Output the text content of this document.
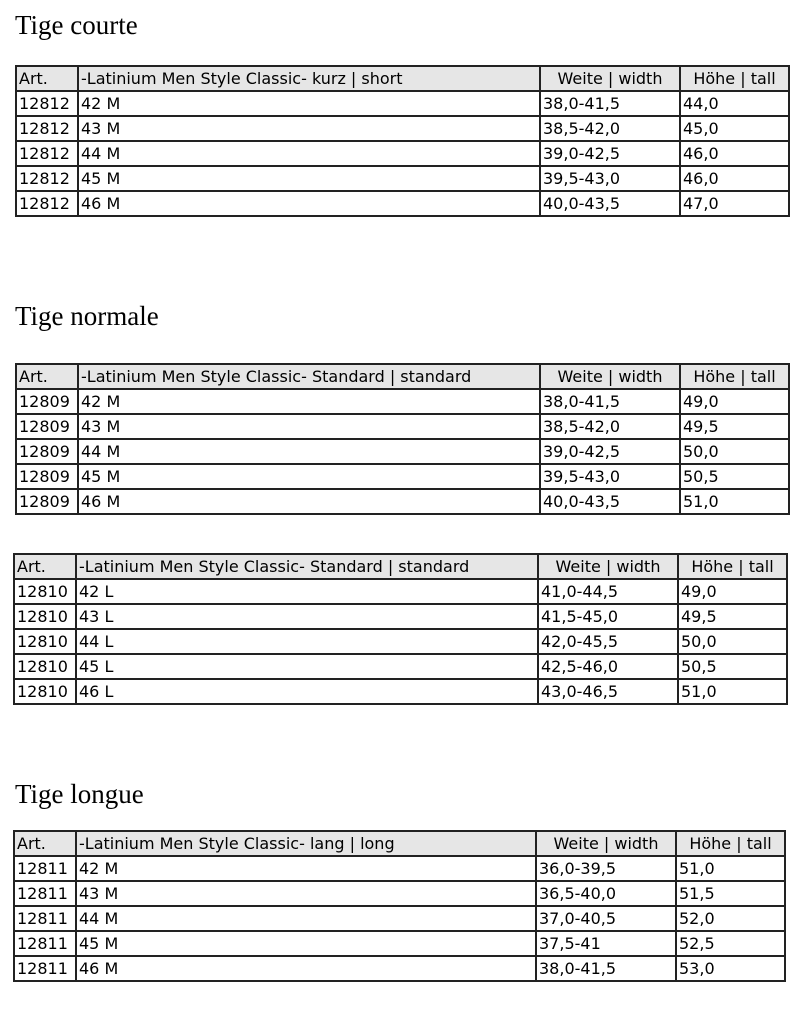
Tige courte
Art.	-Latinium Men Style Classic- kurz | short	Weite | width	Höhe | tall
12812	42 M	38,0-41,5	44,0
12812	43 M	38,5-42,0	45,0
12812	44 M	39,0-42,5	46,0
12812	45 M	39,5-43,0	46,0
12812	46 M	40,0-43,5	47,0
Tige normale
Art.	-Latinium Men Style Classic- Standard | standard	Weite | width	Höhe | tall
12809	42 M	38,0-41,5	49,0
12809	43 M	38,5-42,0	49,5
12809	44 M	39,0-42,5	50,0
12809	45 M	39,5-43,0	50,5
12809	46 M	40,0-43,5	51,0
Art.	-Latinium Men Style Classic- Standard | standard	Weite | width	Höhe | tall
12810	42 L	41,0-44,5	49,0
12810	43 L	41,5-45,0	49,5
12810	44 L	42,0-45,5	50,0
12810	45 L	42,5-46,0	50,5
12810	46 L	43,0-46,5	51,0
Tige longue
Art.	-Latinium Men Style Classic- lang | long	Weite | width	Höhe | tall
12811	42 M	36,0-39,5	51,0
12811	43 M	36,5-40,0	51,5
12811	44 M	37,0-40,5	52,0
12811	45 M	37,5-41	52,5
12811	46 M	38,0-41,5	53,0
